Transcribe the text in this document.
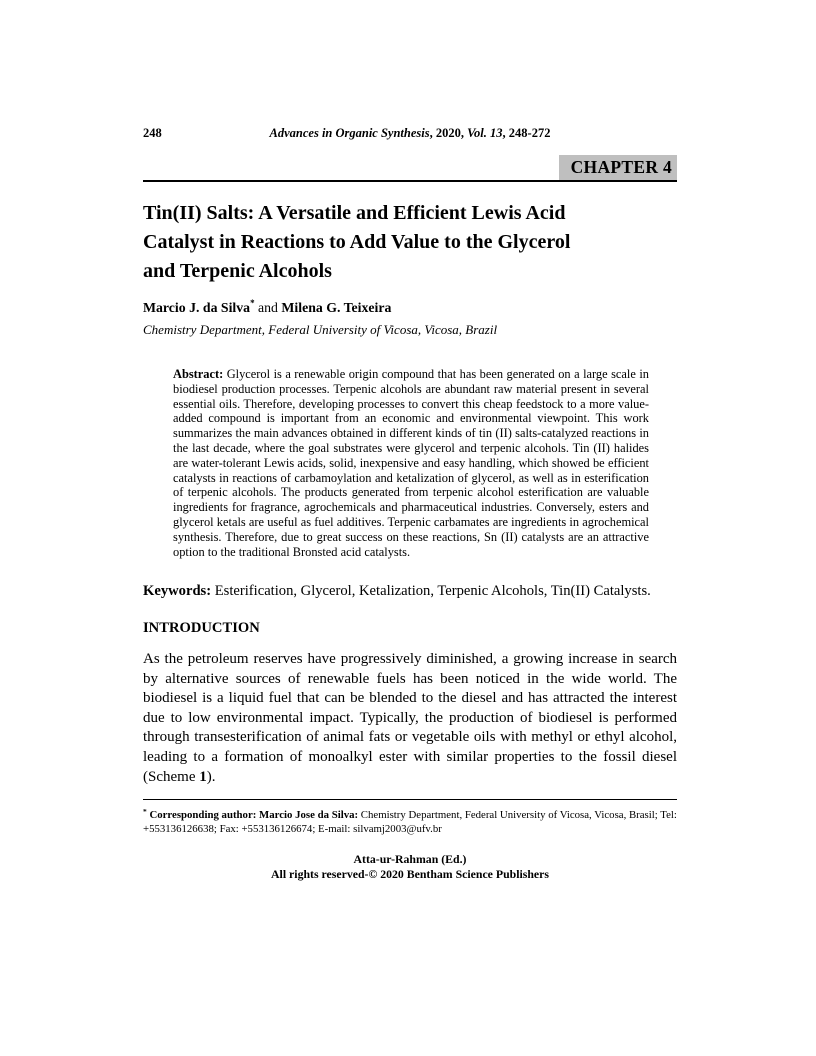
248	Advances in Organic Synthesis, 2020, Vol. 13, 248-272
CHAPTER 4
Tin(II) Salts: A Versatile and Efficient Lewis Acid
Catalyst in Reactions to Add Value to the Glycerol
and Terpenic Alcohols
Marcio J. da Silva* and Milena G. Teixeira
Chemistry Department, Federal University of Vicosa, Vicosa, Brazil
Abstract: Glycerol is a renewable origin compound that has been generated on a large scale in biodiesel production processes. Terpenic alcohols are abundant raw material present in several essential oils. Therefore, developing processes to convert this cheap feedstock to a more value-added compound is important from an economic and environmental viewpoint. This work summarizes the main advances obtained in different kinds of tin (II) salts-catalyzed reactions in the last decade, where the goal substrates were glycerol and terpenic alcohols. Tin (II) halides are water-tolerant Lewis acids, solid, inexpensive and easy handling, which showed be efficient catalysts in reactions of carbamoylation and ketalization of glycerol, as well as in esterification of terpenic alcohols. The products generated from terpenic alcohol esterification are valuable ingredients for fragrance, agrochemicals and pharmaceutical industries. Conversely, esters and glycerol ketals are useful as fuel additives. Terpenic carbamates are ingredients in agrochemical synthesis. Therefore, due to great success on these reactions, Sn (II) catalysts are an attractive option to the traditional Bronsted acid catalysts.
Keywords: Esterification, Glycerol, Ketalization, Terpenic Alcohols, Tin(II) Catalysts.
INTRODUCTION
As the petroleum reserves have progressively diminished, a growing increase in search by alternative sources of renewable fuels has been noticed in the wide world. The biodiesel is a liquid fuel that can be blended to the diesel and has attracted the interest due to low environmental impact. Typically, the production of biodiesel is performed through transesterification of animal fats or vegetable oils with methyl or ethyl alcohol, leading to a formation of monoalkyl ester with similar properties to the fossil diesel (Scheme 1).
* Corresponding author: Marcio Jose da Silva: Chemistry Department, Federal University of Vicosa, Vicosa, Brasil; Tel: +553136126638; Fax: +553136126674; E-mail: silvamj2003@ufv.br
Atta-ur-Rahman (Ed.)
All rights reserved-© 2020 Bentham Science Publishers
